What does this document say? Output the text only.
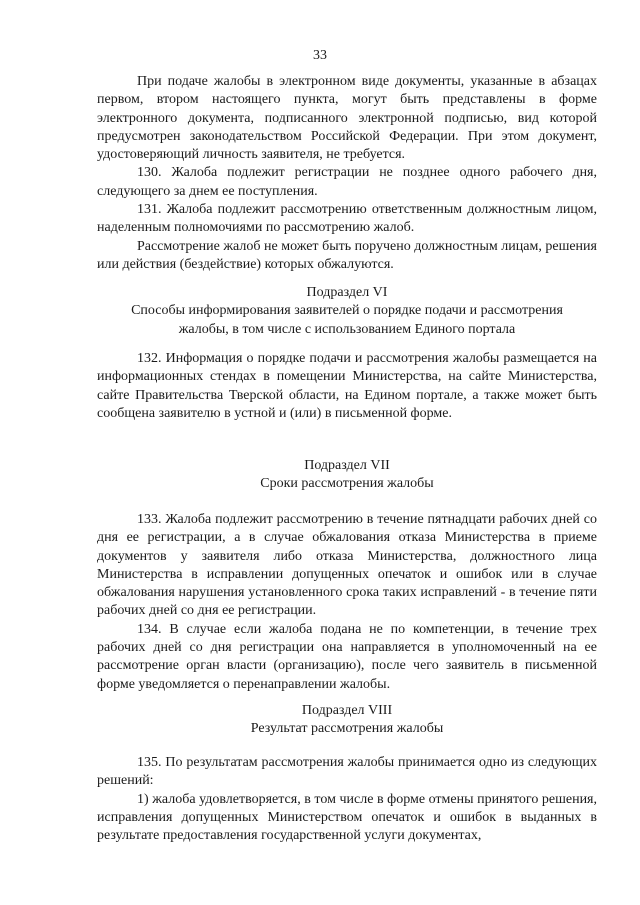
33

При подаче жалобы в электронном виде документы, указанные в абзацах первом, втором настоящего пункта, могут быть представлены в форме электронного документа, подписанного электронной подписью, вид которой предусмотрен законодательством Российской Федерации. При этом документ, удостоверяющий личность заявителя, не требуется.

130. Жалоба подлежит регистрации не позднее одного рабочего дня, следующего за днем ее поступления.

131. Жалоба подлежит рассмотрению ответственным должностным лицом, наделенным полномочиями по рассмотрению жалоб.

Рассмотрение жалоб не может быть поручено должностным лицам, решения или действия (бездействие) которых обжалуются.

Подраздел VI
Способы информирования заявителей о порядке подачи и рассмотрения
жалобы, в том числе с использованием Единого портала

132. Информация о порядке подачи и рассмотрения жалобы размещается на информационных стендах в помещении Министерства, на сайте Министерства, сайте Правительства Тверской области, на Едином портале, а также может быть сообщена заявителю в устной и (или) в письменной форме.

Подраздел VII
Сроки рассмотрения жалобы

133. Жалоба подлежит рассмотрению в течение пятнадцати рабочих дней со дня ее регистрации, а в случае обжалования отказа Министерства в приеме документов у заявителя либо отказа Министерства, должностного лица Министерства в исправлении допущенных опечаток и ошибок или в случае обжалования нарушения установленного срока таких исправлений - в течение пяти рабочих дней со дня ее регистрации.

134. В случае если жалоба подана не по компетенции, в течение трех рабочих дней со дня регистрации она направляется в уполномоченный на ее рассмотрение орган власти (организацию), после чего заявитель в письменной форме уведомляется о перенаправлении жалобы.

Подраздел VIII
Результат рассмотрения жалобы

135. По результатам рассмотрения жалобы принимается одно из следующих решений:

1) жалоба удовлетворяется, в том числе в форме отмены принятого решения, исправления допущенных Министерством опечаток и ошибок в выданных в результате предоставления государственной услуги документах,
